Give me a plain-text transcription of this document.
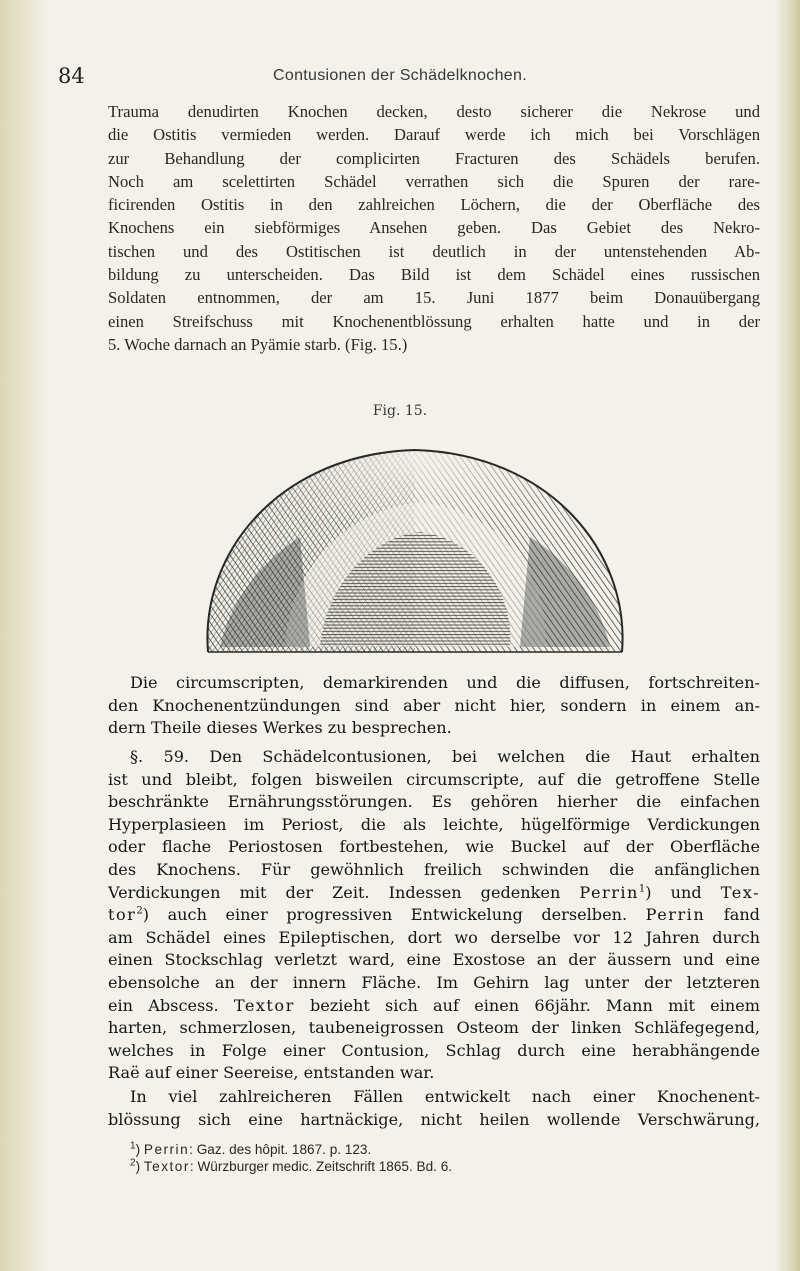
84	Contusionen der Schädelknochen.
Trauma denudirten Knochen decken, desto sicherer die Nekrose und
die Ostitis vermieden werden. Darauf werde ich mich bei Vorschlägen
zur Behandlung der complicirten Fracturen des Schädels berufen.
Noch am scelettirten Schädel verrathen sich die Spuren der rare-
ficirenden Ostitis in den zahlreichen Löchern, die der Oberfläche des
Knochens ein siebförmiges Ansehen geben. Das Gebiet des Nekro-
tischen und des Ostitischen ist deutlich in der untenstehenden Ab-
bildung zu unterscheiden. Das Bild ist dem Schädel eines russischen
Soldaten entnommen, der am 15. Juni 1877 beim Donauübergang
einen Streifschuss mit Knochenentblössung erhalten hatte und in der

5. Woche darnach an Pyämie starb. (Fig. 15.)
Fig. 15.
Die circumscripten, demarkirenden und die diffusen, fortschreiten-
den Knochenentzündungen sind aber nicht hier, sondern in einem an-

dern Theile dieses Werkes zu besprechen.
§. 59. Den Schädelcontusionen, bei welchen die Haut erhalten
ist und bleibt, folgen bisweilen circumscripte, auf die getroffene Stelle
beschränkte Ernährungsstörungen. Es gehören hierher die einfachen
Hyperplasieen im Periost, die als leichte, hügelförmige Verdickungen
oder flache Periostosen fortbestehen, wie Buckel auf der Oberfläche
des Knochens. Für gewöhnlich freilich schwinden die anfänglichen
Verdickungen mit der Zeit. Indessen gedenken Perrin$^1$) und Tex-
tor$^2$) auch einer progressiven Entwickelung derselben. Perrin fand
am Schädel eines Epileptischen, dort wo derselbe vor 12 Jahren durch
einen Stockschlag verletzt ward, eine Exostose an der äussern und eine
ebensolche an der innern Fläche. Im Gehirn lag unter der letzteren
ein Abscess. Textor bezieht sich auf einen 66jähr. Mann mit einem
harten, schmerzlosen, taubeneigrossen Osteom der linken Schläfegegend,
welches in Folge einer Contusion, Schlag durch eine herabhängende

Raë auf einer Seereise, entstanden war.
In viel zahlreicheren Fällen entwickelt nach einer Knochenent-

blössung sich eine hartnäckige, nicht heilen wollende Verschwärung,
$^1$) Perrin: Gaz. des hôpit. 1867. p. 123.
$^2$) Textor: Würzburger medic. Zeitschrift 1865. Bd. 6.
